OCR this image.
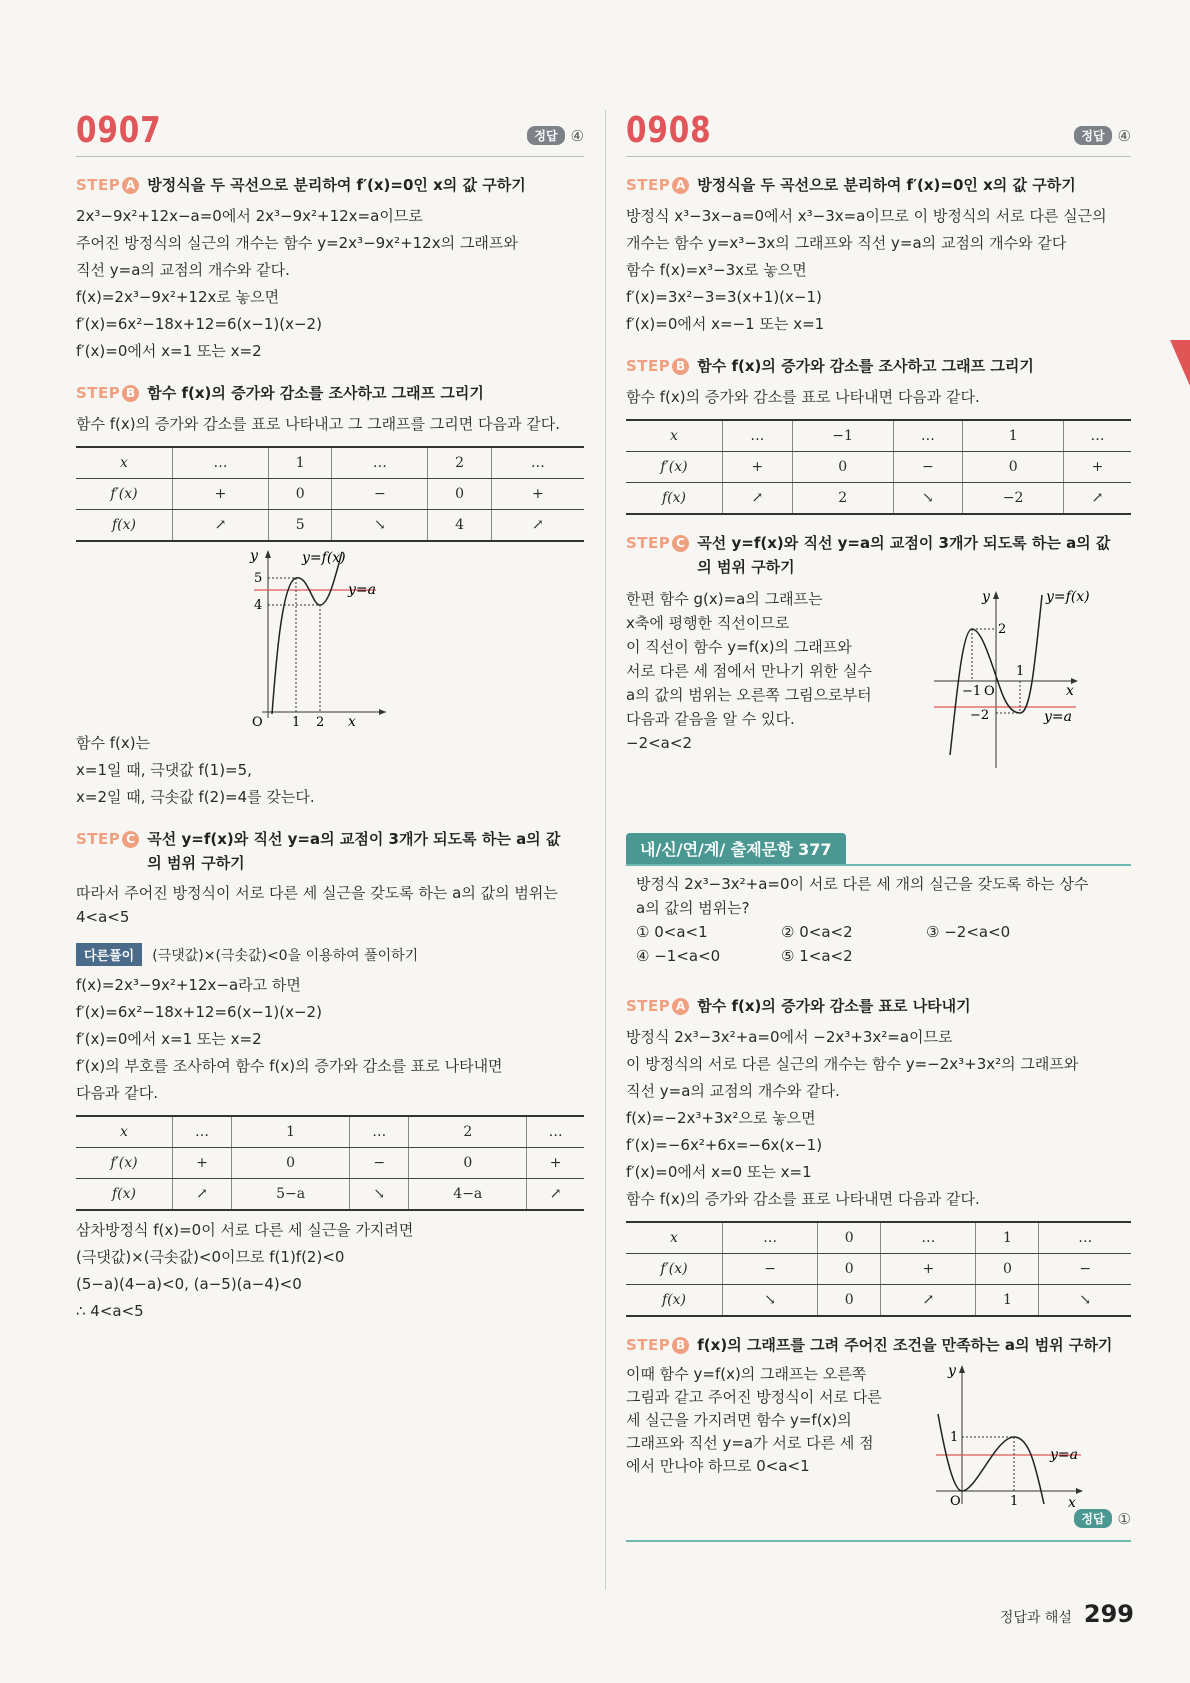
0907	정답 ④
STEP A 방정식을 두 곡선으로 분리하여 f′(x)=0인 x의 값 구하기

2x³−9x²+12x−a=0에서 2x³−9x²+12x=a이므로

주어진 방정식의 실근의 개수는 함수 y=2x³−9x²+12x의 그래프와

직선 y=a의 교점의 개수와 같다.

f(x)=2x³−9x²+12x로 놓으면

f′(x)=6x²−18x+12=6(x−1)(x−2)

f′(x)=0에서 x=1 또는 x=2

STEP B 함수 f(x)의 증가와 감소를 조사하고 그래프 그리기

함수 f(x)의 증가와 감소를 표로 나타내고 그 그래프를 그리면 다음과 같다.

x	…	1	…	2	…
f′(x)	+	0	−	0	+
f(x)	↗	5	↘	4	↗
y	y=f(x)
y=a
5
4
O 1 2 x

함수 f(x)는

x=1일 때, 극댓값 f(1)=5,

x=2일 때, 극솟값 f(2)=4를 갖는다.

STEP C 곡선 y=f(x)와 직선 y=a의 교점이 3개가 되도록 하는 a의 값
의 범위 구하기

따라서 주어진 방정식이 서로 다른 세 실근을 갖도록 하는 a의 값의 범위는

4<a<5

다른풀이	(극댓값)×(극솟값)<0을 이용하여 풀이하기

f(x)=2x³−9x²+12x−a라고 하면

f′(x)=6x²−18x+12=6(x−1)(x−2)

f′(x)=0에서 x=1 또는 x=2

f′(x)의 부호를 조사하여 함수 f(x)의 증가와 감소를 표로 나타내면

다음과 같다.

x	…	1	…	2	…
f′(x)	+	0	−	0	+
f(x)	↗	5−a	↘	4−a	↗

삼차방정식 f(x)=0이 서로 다른 세 실근을 가지려면

(극댓값)×(극솟값)<0이므로 f(1)f(2)<0

(5−a)(4−a)<0, (a−5)(a−4)<0

∴ 4<a<5

0908	정답 ④
STEP A 방정식을 두 곡선으로 분리하여 f′(x)=0인 x의 값 구하기

방정식 x³−3x−a=0에서 x³−3x=a이므로 이 방정식의 서로 다른 실근의

개수는 함수 y=x³−3x의 그래프와 직선 y=a의 교점의 개수와 같다

함수 f(x)=x³−3x로 놓으면

f′(x)=3x²−3=3(x+1)(x−1)

f′(x)=0에서 x=−1 또는 x=1

STEP B 함수 f(x)의 증가와 감소를 조사하고 그래프 그리기

함수 f(x)의 증가와 감소를 표로 나타내면 다음과 같다.

x	…	−1	…	1	…
f′(x)	+	0	−	0	+
f(x)	↗	2	↘	−2	↗
STEP C 곡선 y=f(x)와 직선 y=a의 교점이 3개가 되도록 하는 a의 값
의 범위 구하기

한편 함수 g(x)=a의 그래프는

x축에 평행한 직선이므로

이 직선이 함수 y=f(x)의 그래프와

서로 다른 세 점에서 만나기 위한 실수

a의 값의 범위는 오른쪽 그림으로부터

다음과 같음을 알 수 있다.

−2<a<2

y	y=f(x)
y=a
2
−2
−1 O
1
x
내/신/연/계/ 출제문항 377

방정식 2x³−3x²+a=0이 서로 다른 세 개의 실근을 갖도록 하는 상수

a의 값의 범위는?

① 0<a<1	② 0<a<2	③ −2<a<0
④ −1<a<0	⑤ 1<a<2
STEP A 함수 f(x)의 증가와 감소를 표로 나타내기

방정식 2x³−3x²+a=0에서 −2x³+3x²=a이므로

이 방정식의 서로 다른 실근의 개수는 함수 y=−2x³+3x²의 그래프와

직선 y=a의 교점의 개수와 같다.

f(x)=−2x³+3x²으로 놓으면

f′(x)=−6x²+6x=−6x(x−1)

f′(x)=0에서 x=0 또는 x=1

함수 f(x)의 증가와 감소를 표로 나타내면 다음과 같다.

x	…	0	…	1	…
f′(x)	−	0	+	0	−
f(x)	↘	0	↗	1	↘
STEP B f(x)의 그래프를 그려 주어진 조건을 만족하는 a의 범위 구하기

이때 함수 y=f(x)의 그래프는 오른쪽

그림과 같고 주어진 방정식이 서로 다른

세 실근을 가지려면 함수 y=f(x)의

그래프와 직선 y=a가 서로 다른 세 점

에서 만나야 하므로 0<a<1

y
y=a
1
O	1	x
정답 ①
정답과 해설 299
